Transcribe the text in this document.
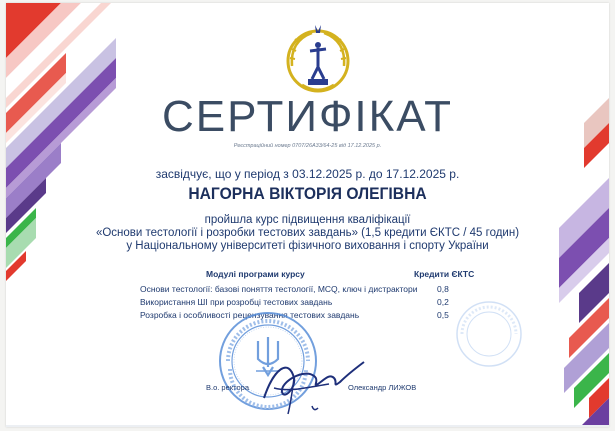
СЕРТИФІКАТ
Реєстраційний номер 0707/26А33/64-25 від 17.12.2025 р.
засвідчує, що у період з 03.12.2025 р. до 17.12.2025 р.
НАГОРНА ВІКТОРІЯ ОЛЕГІВНА
пройшла курс підвищення кваліфікації
«Основи тестології і розробки тестових завдань» (1,5 кредити ЄКТС / 45 годин)
у Національному університеті фізичного виховання і спорту України
Модулі програми курсу	Кредити ЄКТС
Основи тестології: базові поняття тестології, MCQ, ключ і дистрактори 0,8
Використання ШІ при розробці тестових завдань	0,2
Розробка і особливості рецензування тестових завдань	0,5
В.о. ректора	Олександр ЛИЖОВ
